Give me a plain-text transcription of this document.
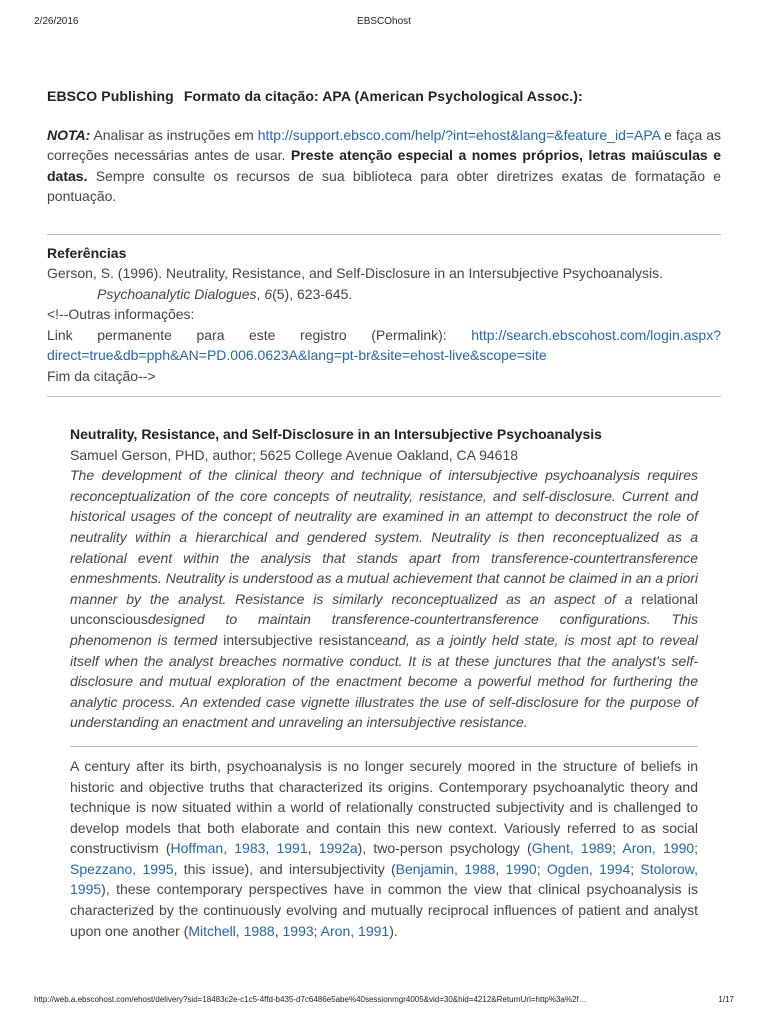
2/26/2016	EBSCOhost

EBSCO Publishing Formato da citação: APA (American Psychological Assoc.):

NOTA: Analisar as instruções em http://support.ebsco.com/help/?int=ehost&lang=&feature_id=APA e faça as correções necessárias antes de usar. Preste atenção especial a nomes próprios, letras maiúsculas e datas. Sempre consulte os recursos de sua biblioteca para obter diretrizes exatas de formatação e pontuação.

Referências

Gerson, S. (1996). Neutrality, Resistance, and Self-Disclosure in an Intersubjective Psychoanalysis. Psychoanalytic Dialogues, 6(5), 623-645.

<!--Outras informações:

Link permanente para este registro (Permalink): http://search.ebscohost.com/login.aspx?direct=true&db=pph&AN=PD.006.0623A&lang=pt-br&site=ehost-live&scope=site

Fim da citação-->

Neutrality, Resistance, and Self-Disclosure in an Intersubjective Psychoanalysis

Samuel Gerson, PHD, author; 5625 College Avenue Oakland, CA 94618

The development of the clinical theory and technique of intersubjective psychoanalysis requires reconceptualization of the core concepts of neutrality, resistance, and self-disclosure. Current and historical usages of the concept of neutrality are examined in an attempt to deconstruct the role of neutrality within a hierarchical and gendered system. Neutrality is then reconceptualized as a relational event within the analysis that stands apart from transference-countertransference enmeshments. Neutrality is understood as a mutual achievement that cannot be claimed in an a priori manner by the analyst. Resistance is similarly reconceptualized as an aspect of a relational unconsciousdesigned to maintain transference-countertransference configurations. This phenomenon is termed intersubjective resistanceand, as a jointly held state, is most apt to reveal itself when the analyst breaches normative conduct. It is at these junctures that the analyst's self-disclosure and mutual exploration of the enactment become a powerful method for furthering the analytic process. An extended case vignette illustrates the use of self-disclosure for the purpose of understanding an enactment and unraveling an intersubjective resistance.

A century after its birth, psychoanalysis is no longer securely moored in the structure of beliefs in historic and objective truths that characterized its origins. Contemporary psychoanalytic theory and technique is now situated within a world of relationally constructed subjectivity and is challenged to develop models that both elaborate and contain this new context. Variously referred to as social constructivism (Hoffman, 1983, 1991, 1992a), two-person psychology (Ghent, 1989; Aron, 1990; Spezzano, 1995, this issue), and intersubjectivity (Benjamin, 1988, 1990; Ogden, 1994; Stolorow, 1995), these contemporary perspectives have in common the view that clinical psychoanalysis is characterized by the continuously evolving and mutually reciprocal influences of patient and analyst upon one another (Mitchell, 1988, 1993; Aron, 1991).

http://web.a.ebscohost.com/ehost/delivery?sid=18483c2e-c1c5-4ffd-b435-d7c6486e5abe%40sessionmgr4005&vid=30&hid=4212&ReturnUrl=http%3a%2f…	1/17
